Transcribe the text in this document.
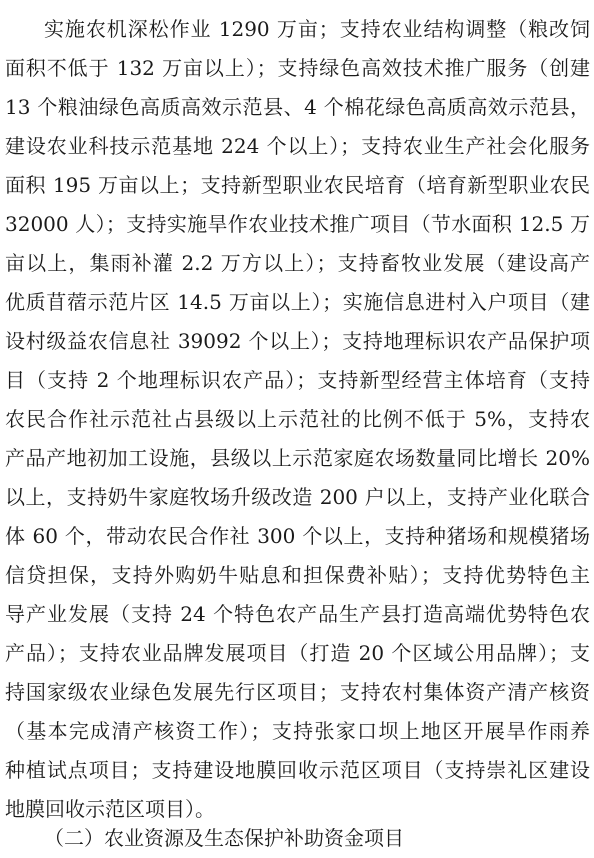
实施农机深松作业 1290 万亩；支持农业结构调整（粮改饲
面积不低于 132 万亩以上）；支持绿色高效技术推广服务（创建
13 个粮油绿色高质高效示范县、4 个棉花绿色高质高效示范县，
建设农业科技示范基地 224 个以上）；支持农业生产社会化服务
面积 195 万亩以上；支持新型职业农民培育（培育新型职业农民
32000 人）；支持实施旱作农业技术推广项目（节水面积 12.5 万
亩以上，集雨补灌 2.2 万方以上）；支持畜牧业发展（建设高产
优质苜蓿示范片区 14.5 万亩以上）；实施信息进村入户项目（建
设村级益农信息社 39092 个以上）；支持地理标识农产品保护项
目（支持 2 个地理标识农产品）；支持新型经营主体培育（支持
农民合作社示范社占县级以上示范社的比例不低于 5%，支持农
产品产地初加工设施，县级以上示范家庭农场数量同比增长 20%
以上，支持奶牛家庭牧场升级改造 200 户以上，支持产业化联合
体 60 个，带动农民合作社 300 个以上，支持种猪场和规模猪场
信贷担保，支持外购奶牛贴息和担保费补贴）；支持优势特色主
导产业发展（支持 24 个特色农产品生产县打造高端优势特色农
产品）；支持农业品牌发展项目（打造 20 个区域公用品牌）；支
持国家级农业绿色发展先行区项目；支持农村集体资产清产核资
（基本完成清产核资工作）；支持张家口坝上地区开展旱作雨养
种植试点项目；支持建设地膜回收示范区项目（支持崇礼区建设
地膜回收示范区项目）。
（二）农业资源及生态保护补助资金项目
